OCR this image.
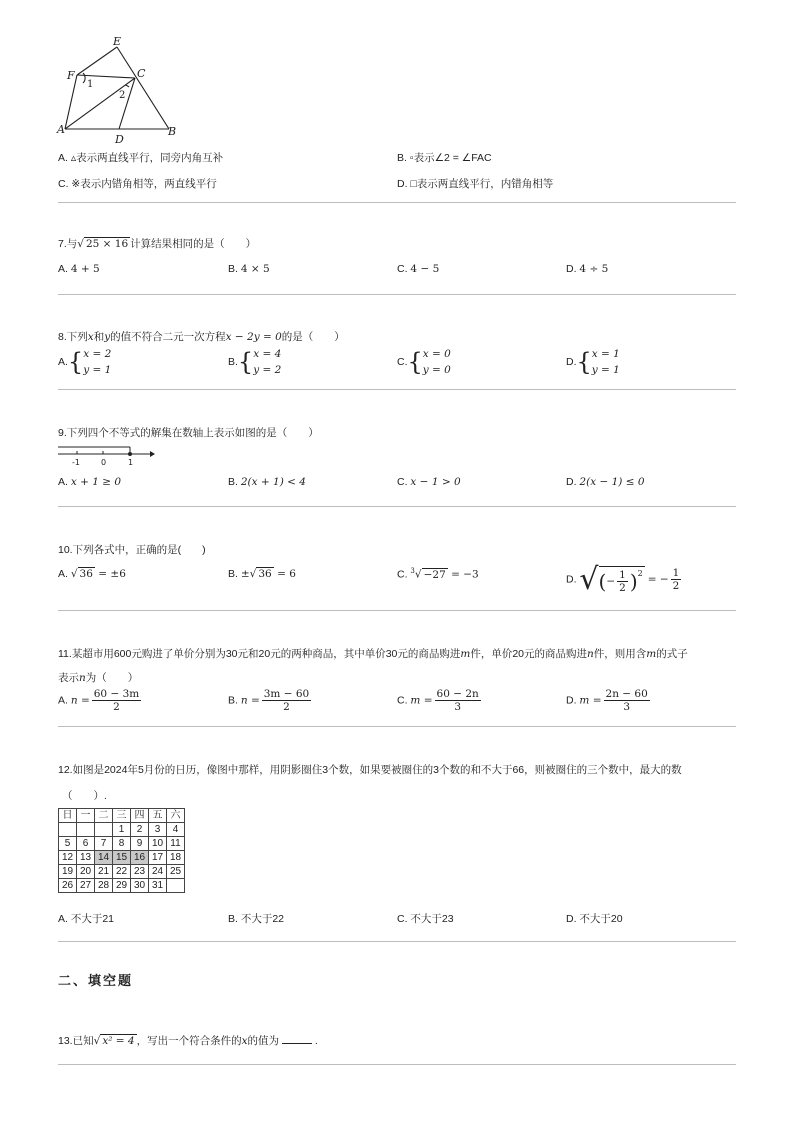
E
F	C
A
D
B
1
2
A. ▵表示两直线平行，同旁内角互补	B. ▫表示∠2 = ∠FAC
C. ※表示内错角相等，两直线平行	D. □表示两直线平行，内错角相等
7.与√ 25 × 16 计算结果相同的是（　　）
A. 4 + 5	B. 4 × 5	C. 4 − 5	D. 4 ÷ 5
8.下列x和y的值不符合二元一次方程x − 2y = 0的是（　　）
A.{ x = 2
y = 1
B.{ x = 4
y = 2
C.{ x = 0
y = 0
D.{ x = 1
y = 1
9.下列四个不等式的解集在数轴上表示如图的是（　　）
-1	0	1
A. x + 1 ≥ 0	B. 2(x + 1) < 4	C. x − 1 > 0	D. 2(x − 1) ≤ 0
10.下列各式中，正确的是(　　)
A. √ 36 = ±6	B. ±√ 36 = 6	C. $^3$√ −27 = −3	D. √(− $\frac{1}{2} )^2$ = − $\frac{1}{2}$
11.某超市用600元购进了单价分别为30元和20元的两种商品，其中单价30元的商品购进m件，单价20元的商品购进n件，则用含m的式子
表示n为（　　）
A. $n = \frac{60 - 3m}{2}$	B. $n = \frac{3m - 60}{2}$	C. $m = \frac{60 - 2n}{3}$	D. $m = \frac{2n - 60}{3}$
12.如图是2024年5月份的日历，像图中那样，用阴影圈住3个数，如果要被圈住的3个数的和不大于66，则被圈住的三个数中，最大的数
（　　）.
日	一	二	三	四	五	六
			1	2	3	4
5	6	7	8	9	10	11
12	13	14	15	16	17	18
19	20	21	22	23	24	25
26	27	28	29	30	31	
A. 不大于21	B. 不大于22	C. 不大于23	D. 不大于20
二、填空题
13.已知√ x² = 4 ，写出一个符合条件的x的值为	.
